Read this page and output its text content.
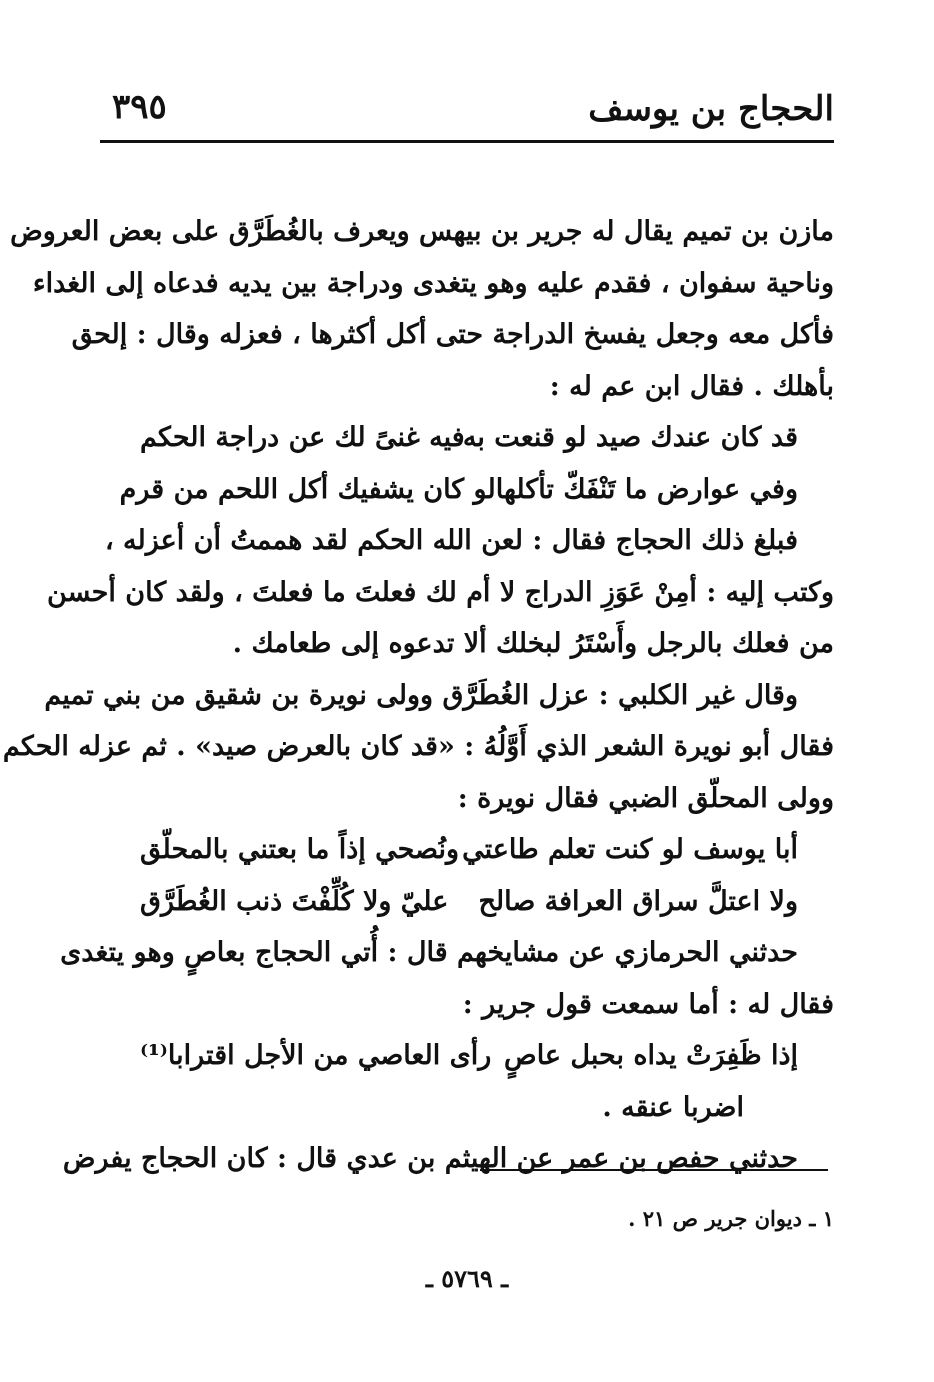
الحجاج بن يوسف
٣٩٥
مازن بن تميم يقال له جرير بن بيهس ويعرف بالغُطَرَّق على بعض العروض
وناحية سفوان ، فقدم عليه وهو يتغدى ودراجة بين يديه فدعاه إلى الغداء
فأكل معه وجعل يفسخ الدراجة حتى أكل أكثرها ، فعزله وقال : إلحق
بأهلك . فقال ابن عم له :
قد كان عندك صيد لو قنعت به
فيه غنىً لك عن دراجة الحكم
وفي عوارض ما تَنْفَكّ تأكلها
لو كان يشفيك أكل اللحم من قرم
فبلغ ذلك الحجاج فقال : لعن الله الحكم لقد هممتُ أن أعزله ،
وكتب إليه : أمِنْ عَوَزِ الدراج لا أم لك فعلتَ ما فعلتَ ، ولقد كان أحسن
من فعلك بالرجل وأَسْتَرُ لبخلك ألا تدعوه إلى طعامك .
وقال غير الكلبي : عزل الغُطَرَّق وولى نويرة بن شقيق من بني تميم
فقال أبو نويرة الشعر الذي أَوَّلُهُ : «قد كان بالعرض صيد» . ثم عزله الحكم
وولى المحلّق الضبي فقال نويرة :
أبا يوسف لو كنت تعلم طاعتي
ونُصحي إذاً ما بعتني بالمحلّق
ولا اعتلَّ سراق العرافة صالح
عليّ ولا كُلِّفْتَ ذنب الغُطَرَّق
حدثني الحرمازي عن مشايخهم قال : أُتي الحجاج بعاصٍ وهو يتغدى
فقال له : أما سمعت قول جرير :
إذا ظَفِرَتْ يداه بحبل عاصٍ
رأى العاصي من الأجل اقترابا⁽¹⁾
اضربا عنقه .
حدثني حفص بن عمر عن الهيثم بن عدي قال : كان الحجاج يفرض
١ ـ ديوان جرير ص ٢١ .
ـ ٥٧٦٩ ـ
